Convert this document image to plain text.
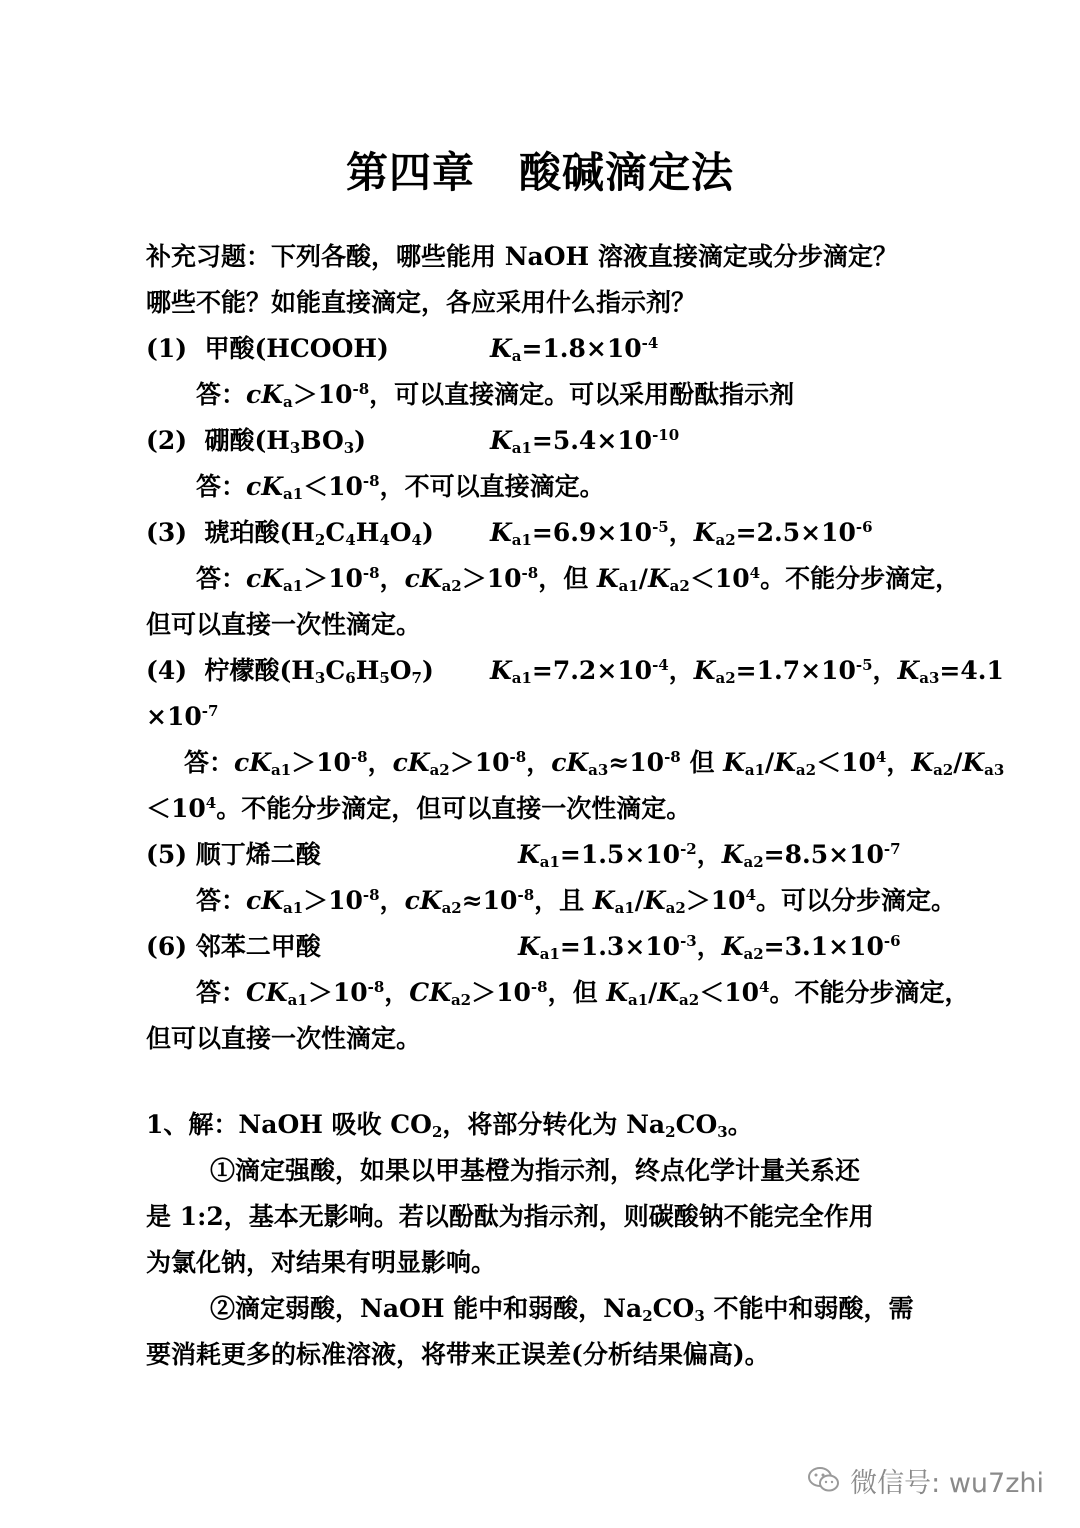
第四章 酸碱滴定法
补充习题：下列各酸，哪些能用 NaOH 溶液直接滴定或分步滴定？
哪些不能？如能直接滴定，各应采用什么指示剂？
(1)  甲酸(HCOOH)	$K_a=1.8\times 10^{-4}$
答：$cK_a>10^{-8}$，可以直接滴定。可以采用酚酞指示剂
(2)  硼酸$(H_3BO_3)$	$K_{a1}=5.4\times 10^{-10}$
答：$cK_{a1}<10^{-8}$，不可以直接滴定。
(3)  琥珀酸$(H_2C_4H_4O_4)$ $K_{a1}=6.9\times 10^{-5}$，$K_{a2}=2.5\times 10^{-6}$
答：$cK_{a1}>10^{-8}$，$cK_{a2}>10^{-8}$，但 $K_{a1}/K_{a2}<10^4$。不能分步滴定，
但可以直接一次性滴定。
(4)  柠檬酸$(H_3C_6H_5O_7)$ $K_{a1}=7.2\times 10^{-4}$，$K_{a2}=1.7\times 10^{-5}$，$K_{a3}=4.1$
$\times 10^{-7}$
答：$cK_{a1}>10^{-8}$，$cK_{a2}>10^{-8}$，$cK_{a3}\approx 10^{-8}$ 但 $K_{a1}/K_{a2}<10^4$，$K_{a2}/K_{a3}$
$<10^4$。不能分步滴定，但可以直接一次性滴定。
(5) 顺丁烯二酸	$K_{a1}=1.5\times 10^{-2}$，$K_{a2}=8.5\times 10^{-7}$
答：$cK_{a1}>10^{-8}$，$cK_{a2}\approx 10^{-8}$，且 $K_{a1}/K_{a2}>10^4$。可以分步滴定。
(6) 邻苯二甲酸	$K_{a1}=1.3\times 10^{-3}$，$K_{a2}=3.1\times 10^{-6}$
答：$CK_{a1}>10^{-8}$，$CK_{a2}>10^{-8}$，但 $K_{a1}/K_{a2}<10^4$。不能分步滴定，
但可以直接一次性滴定。
1、解：NaOH 吸收 $CO_2$，将部分转化为 $Na_2CO_3$。
①滴定强酸，如果以甲基橙为指示剂，终点化学计量关系还
是 1:2，基本无影响。若以酚酞为指示剂，则碳酸钠不能完全作用
为氯化钠，对结果有明显影响。
②滴定弱酸，NaOH 能中和弱酸，$Na_2CO_3$ 不能中和弱酸，需
要消耗更多的标准溶液，将带来正误差(分析结果偏高)。
微信号: wu7zhi
